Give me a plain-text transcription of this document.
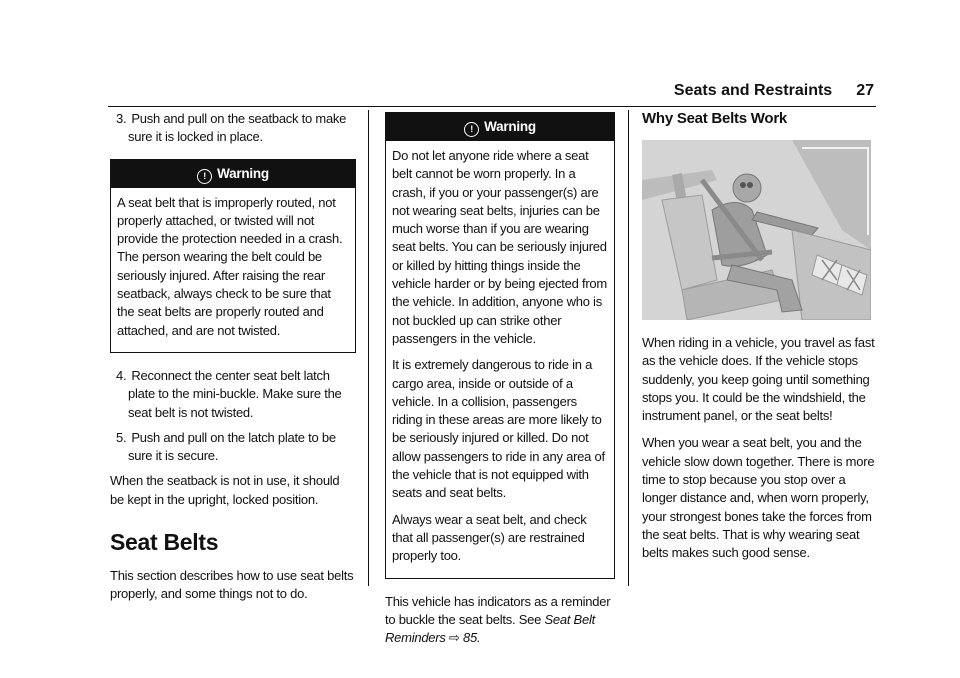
Seats and Restraints 27

3. Push and pull on the seatback to make sure it is locked in place.

! Warning

A seat belt that is improperly routed, not properly attached, or twisted will not provide the protection needed in a crash. The person wearing the belt could be seriously injured. After raising the rear seatback, always check to be sure that the seat belts are properly routed and attached, and are not twisted.

4. Reconnect the center seat belt latch plate to the mini-buckle. Make sure the seat belt is not twisted.

5. Push and pull on the latch plate to be sure it is secure.

When the seatback is not in use, it should be kept in the upright, locked position.

Seat Belts

This section describes how to use seat belts properly, and some things not to do.

! Warning

Do not let anyone ride where a seat belt cannot be worn properly. In a crash, if you or your passenger(s) are not wearing seat belts, injuries can be much worse than if you are wearing seat belts. You can be seriously injured or killed by hitting things inside the vehicle harder or by being ejected from the vehicle. In addition, anyone who is not buckled up can strike other passengers in the vehicle.

It is extremely dangerous to ride in a cargo area, inside or outside of a vehicle. In a collision, passengers riding in these areas are more likely to be seriously injured or killed. Do not allow passengers to ride in any area of the vehicle that is not equipped with seats and seat belts.

Always wear a seat belt, and check that all passenger(s) are restrained properly too.

This vehicle has indicators as a reminder to buckle the seat belts. See Seat Belt Reminders ⇨ 85.

Why Seat Belts Work

When riding in a vehicle, you travel as fast as the vehicle does. If the vehicle stops suddenly, you keep going until something stops you. It could be the windshield, the instrument panel, or the seat belts!

When you wear a seat belt, you and the vehicle slow down together. There is more time to stop because you stop over a longer distance and, when worn properly, your strongest bones take the forces from the seat belts. That is why wearing seat belts makes such good sense.
